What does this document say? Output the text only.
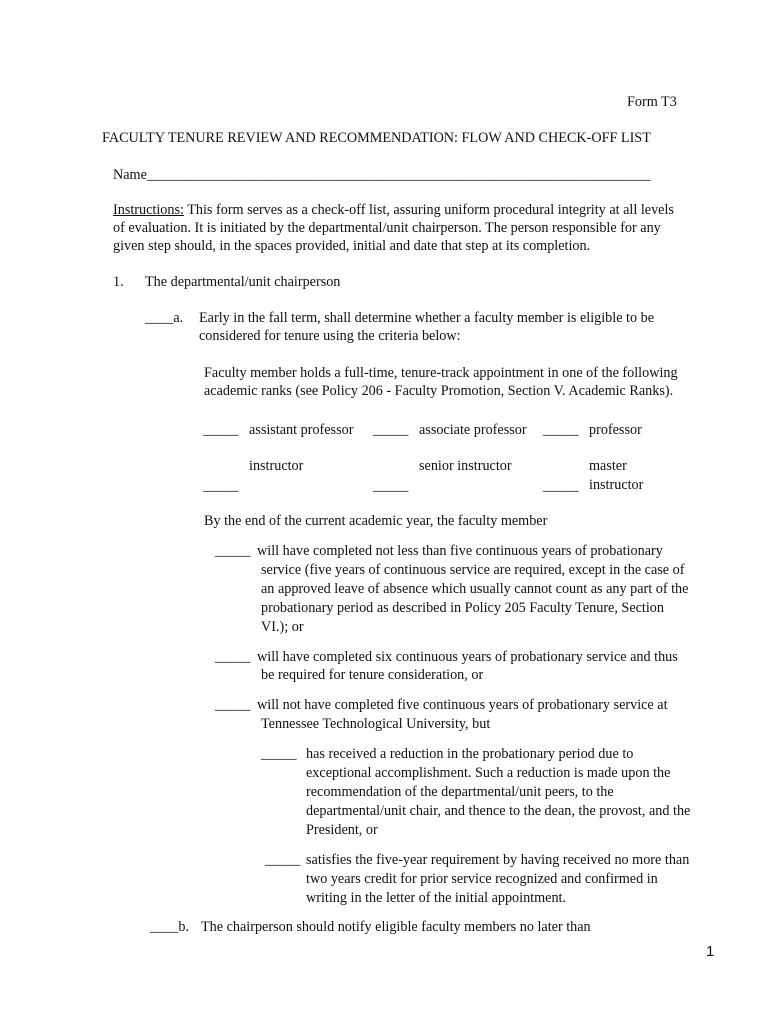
Form T3
FACULTY TENURE REVIEW AND RECOMMENDATION: FLOW AND CHECK-OFF LIST
Name_______________________________________________________________________
Instructions: This form serves as a check-off list, assuring uniform procedural integrity at all levels
of evaluation. It is initiated by the departmental/unit chairperson. The person responsible for any
given step should, in the spaces provided, initial and date that step at its completion.
1. The departmental/unit chairperson
____a. Early in the fall term, shall determine whether a faculty member is eligible to be
considered for tenure using the criteria below:
Faculty member holds a full-time, tenure-track appointment in one of the following
academic ranks (see Policy 206 - Faculty Promotion, Section V. Academic Ranks).
_____ assistant professor _____ associate professor _____ professor
instructor
_____
senior instructor
_____
master
instructor
_____
By the end of the current academic year, the faculty member
_____ will have completed not less than five continuous years of probationary
service (five years of continuous service are required, except in the case of
an approved leave of absence which usually cannot count as any part of the
probationary period as described in Policy 205 Faculty Tenure, Section
VI.); or
_____ will have completed six continuous years of probationary service and thus
be required for tenure consideration, or
_____ will not have completed five continuous years of probationary service at
Tennessee Technological University, but
_____ has received a reduction in the probationary period due to
exceptional accomplishment. Such a reduction is made upon the
recommendation of the departmental/unit peers, to the
departmental/unit chair, and thence to the dean, the provost, and the
President, or
_____ satisfies the five-year requirement by having received no more than
two years credit for prior service recognized and confirmed in
writing in the letter of the initial appointment.
____b. The chairperson should notify eligible faculty members no later than
1
